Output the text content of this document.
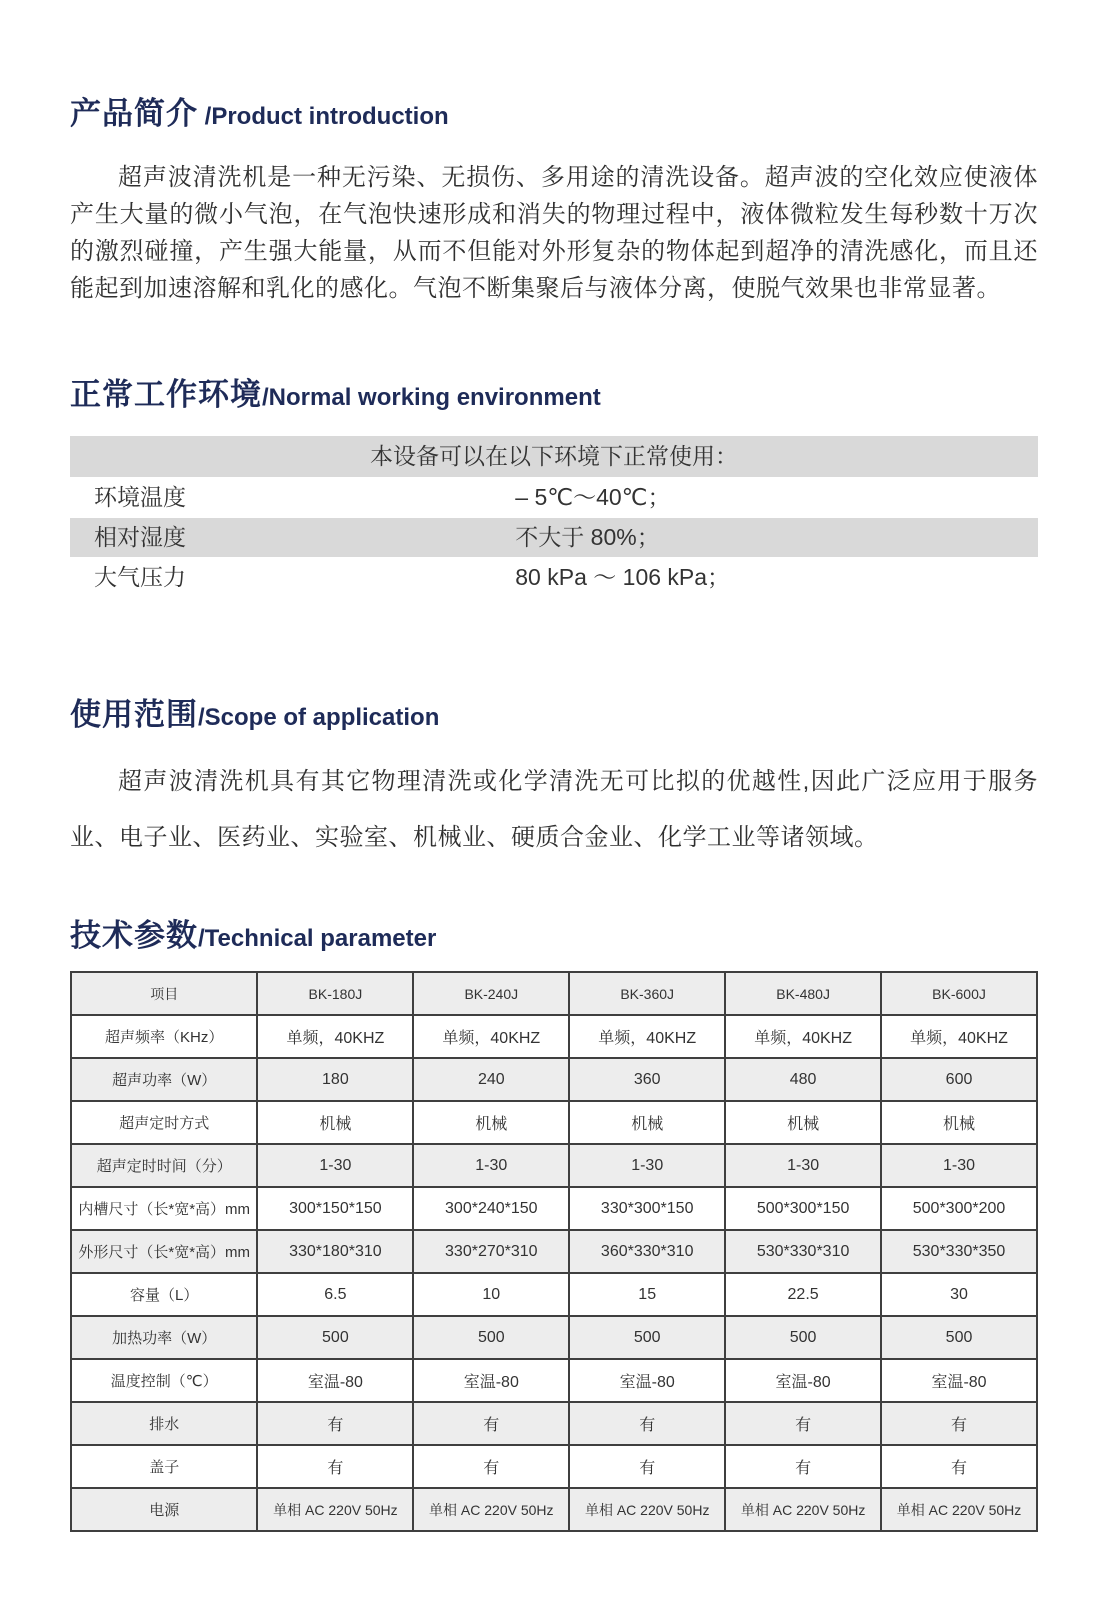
产品简介 /Product introduction

超声波清洗机是一种无污染、无损伤、多用途的清洗设备。超声波的空化效应使液体产生大量的微小气泡，在气泡快速形成和消失的物理过程中，液体微粒发生每秒数十万次的激烈碰撞，产生强大能量，从而不但能对外形复杂的物体起到超净的清洗感化，而且还能起到加速溶解和乳化的感化。气泡不断集聚后与液体分离，使脱气效果也非常显著。

正常工作环境 /Normal working environment
本设备可以在以下环境下正常使用：
环境温度	– 5℃～40℃；
相对湿度	不大于 80%；
大气压力	80 kPa ～ 106 kPa；
使用范围 /Scope of application

超声波清洗机具有其它物理清洗或化学清洗无可比拟的优越性,因此广泛应用于服务业、电子业、医药业、实验室、机械业、硬质合金业、化学工业等诸领域。

技术参数 /Technical parameter
项目	BK-180J	BK-240J	BK-360J	BK-480J	BK-600J
超声频率（KHz）	单频，40KHZ	单频，40KHZ	单频，40KHZ	单频，40KHZ	单频，40KHZ
超声功率（W）	180	240	360	480	600
超声定时方式	机械	机械	机械	机械	机械
超声定时时间（分）	1-30	1-30	1-30	1-30	1-30
内槽尺寸（长*宽*高）mm	300*150*150	300*240*150	330*300*150	500*300*150	500*300*200
外形尺寸（长*宽*高）mm	330*180*310	330*270*310	360*330*310	530*330*310	530*330*350
容量（L）	6.5	10	15	22.5	30
加热功率（W）	500	500	500	500	500
温度控制（℃）	室温-80	室温-80	室温-80	室温-80	室温-80
排水	有	有	有	有	有
盖子	有	有	有	有	有
电源	单相 AC 220V 50Hz	单相 AC 220V 50Hz	单相 AC 220V 50Hz	单相 AC 220V 50Hz	单相 AC 220V 50Hz
